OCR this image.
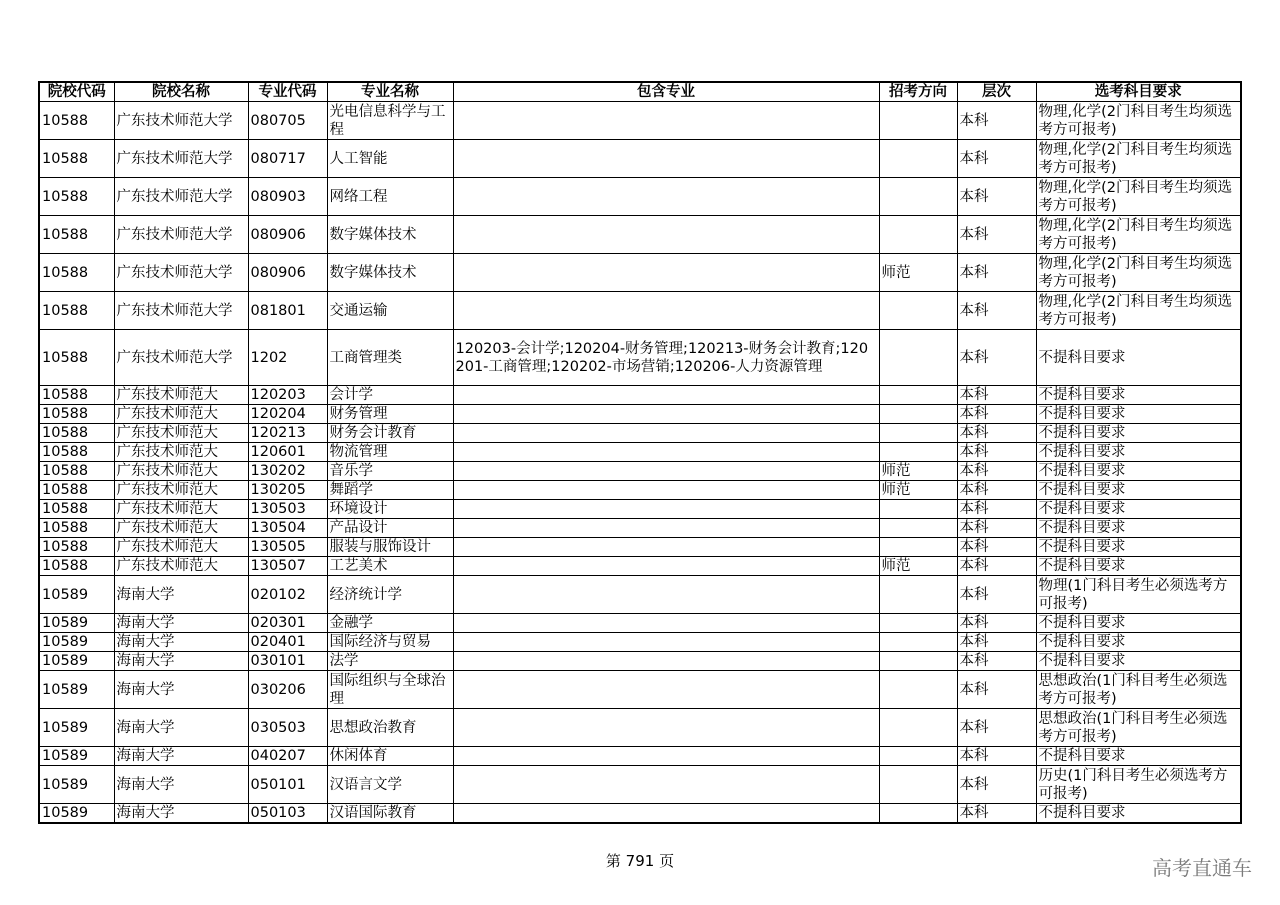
院校代码	院校名称	专业代码	专业名称	包含专业	招考方向	层次	选考科目要求
10588	广东技术师范大学	080705	光电信息科学与工程			本科	物理,化学(2门科目考生均须选考方可报考)
10588	广东技术师范大学	080717	人工智能			本科	物理,化学(2门科目考生均须选考方可报考)
10588	广东技术师范大学	080903	网络工程			本科	物理,化学(2门科目考生均须选考方可报考)
10588	广东技术师范大学	080906	数字媒体技术			本科	物理,化学(2门科目考生均须选考方可报考)
10588	广东技术师范大学	080906	数字媒体技术		师范	本科	物理,化学(2门科目考生均须选考方可报考)
10588	广东技术师范大学	081801	交通运输			本科	物理,化学(2门科目考生均须选考方可报考)
10588	广东技术师范大学	1202	工商管理类	120203-会计学;120204-财务管理;120213-财务会计教育;120201-工商管理;120202-市场营销;120206-人力资源管理		本科	不提科目要求
10588	广东技术师范大	120203	会计学			本科	不提科目要求
10588	广东技术师范大	120204	财务管理			本科	不提科目要求
10588	广东技术师范大	120213	财务会计教育			本科	不提科目要求
10588	广东技术师范大	120601	物流管理			本科	不提科目要求
10588	广东技术师范大	130202	音乐学		师范	本科	不提科目要求
10588	广东技术师范大	130205	舞蹈学		师范	本科	不提科目要求
10588	广东技术师范大	130503	环境设计			本科	不提科目要求
10588	广东技术师范大	130504	产品设计			本科	不提科目要求
10588	广东技术师范大	130505	服装与服饰设计			本科	不提科目要求
10588	广东技术师范大	130507	工艺美术		师范	本科	不提科目要求
10589	海南大学	020102	经济统计学			本科	物理(1门科目考生必须选考方可报考)
10589	海南大学	020301	金融学			本科	不提科目要求
10589	海南大学	020401	国际经济与贸易			本科	不提科目要求
10589	海南大学	030101	法学			本科	不提科目要求
10589	海南大学	030206	国际组织与全球治理			本科	思想政治(1门科目考生必须选考方可报考)
10589	海南大学	030503	思想政治教育			本科	思想政治(1门科目考生必须选考方可报考)
10589	海南大学	040207	休闲体育			本科	不提科目要求
10589	海南大学	050101	汉语言文学			本科	历史(1门科目考生必须选考方可报考)
10589	海南大学	050103	汉语国际教育			本科	不提科目要求
第 791 页	高考直通车
